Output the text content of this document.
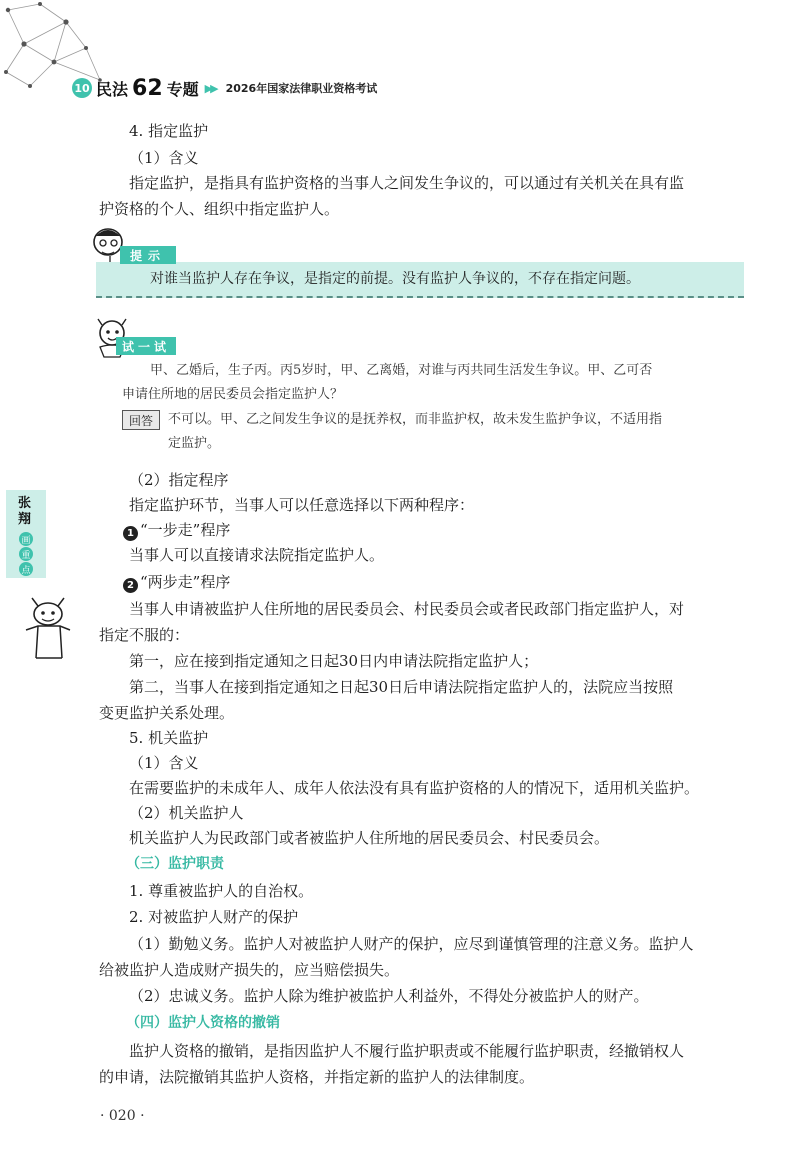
10 民法 62 专题 ▶▶ 2026年国家法律职业资格考试
4. 指定监护
（1）含义
指定监护，是指具有监护资格的当事人之间发生争议的，可以通过有关机关在具有监
护资格的个人、组织中指定监护人。
提示
对谁当监护人存在争议，是指定的前提。没有监护人争议的，不存在指定问题。
试一试
甲、乙婚后，生子丙。丙5岁时，甲、乙离婚，对谁与丙共同生活发生争议。甲、乙可否
申请住所地的居民委员会指定监护人？
回答	不可以。甲、乙之间发生争议的是抚养权，而非监护权，故未发生监护争议，不适用指
定监护。
（2）指定程序
指定监护环节，当事人可以任意选择以下两种程序：
1 “一步走”程序
当事人可以直接请求法院指定监护人。
2 “两步走”程序
当事人申请被监护人住所地的居民委员会、村民委员会或者民政部门指定监护人，对
指定不服的：
第一，应在接到指定通知之日起30日内申请法院指定监护人；
第二，当事人在接到指定通知之日起30日后申请法院指定监护人的，法院应当按照
变更监护关系处理。
张
翔
画
重
点
5. 机关监护
（1）含义
在需要监护的未成年人、成年人依法没有具有监护资格的人的情况下，适用机关监护。
（2）机关监护人
机关监护人为民政部门或者被监护人住所地的居民委员会、村民委员会。
（三）监护职责
1. 尊重被监护人的自治权。
2. 对被监护人财产的保护
（1）勤勉义务。监护人对被监护人财产的保护，应尽到谨慎管理的注意义务。监护人
给被监护人造成财产损失的，应当赔偿损失。
（2）忠诚义务。监护人除为维护被监护人利益外，不得处分被监护人的财产。
（四）监护人资格的撤销
监护人资格的撤销，是指因监护人不履行监护职责或不能履行监护职责，经撤销权人
的申请，法院撤销其监护人资格，并指定新的监护人的法律制度。
· 020 ·
